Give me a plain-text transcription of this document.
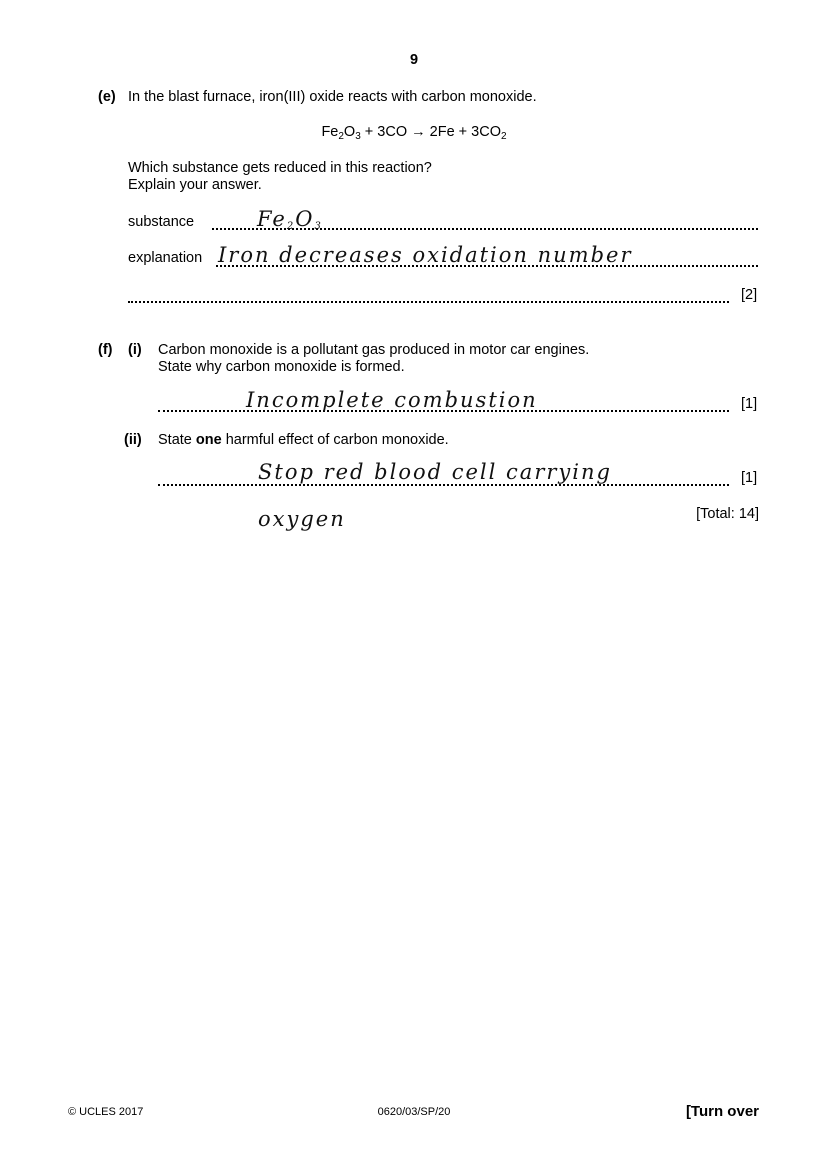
9
(e) In the blast furnace, iron(III) oxide reacts with carbon monoxide.
$Fe_2O_3 + 3CO \to 2Fe + 3CO_2$
Which substance gets reduced in this reaction?
Explain your answer.
substance	$Fe_2O_3$
explanation Iron decreases oxidation number
[2]
(f) (i) Carbon monoxide is a pollutant gas produced in motor car engines.
State why carbon monoxide is formed.
Incomplete combustion	[1]
(ii) State one harmful effect of carbon monoxide.
Stop red blood cell carrying	[1]
oxygen	[Total: 14]
© UCLES 2017	0620/03/SP/20	[Turn over
